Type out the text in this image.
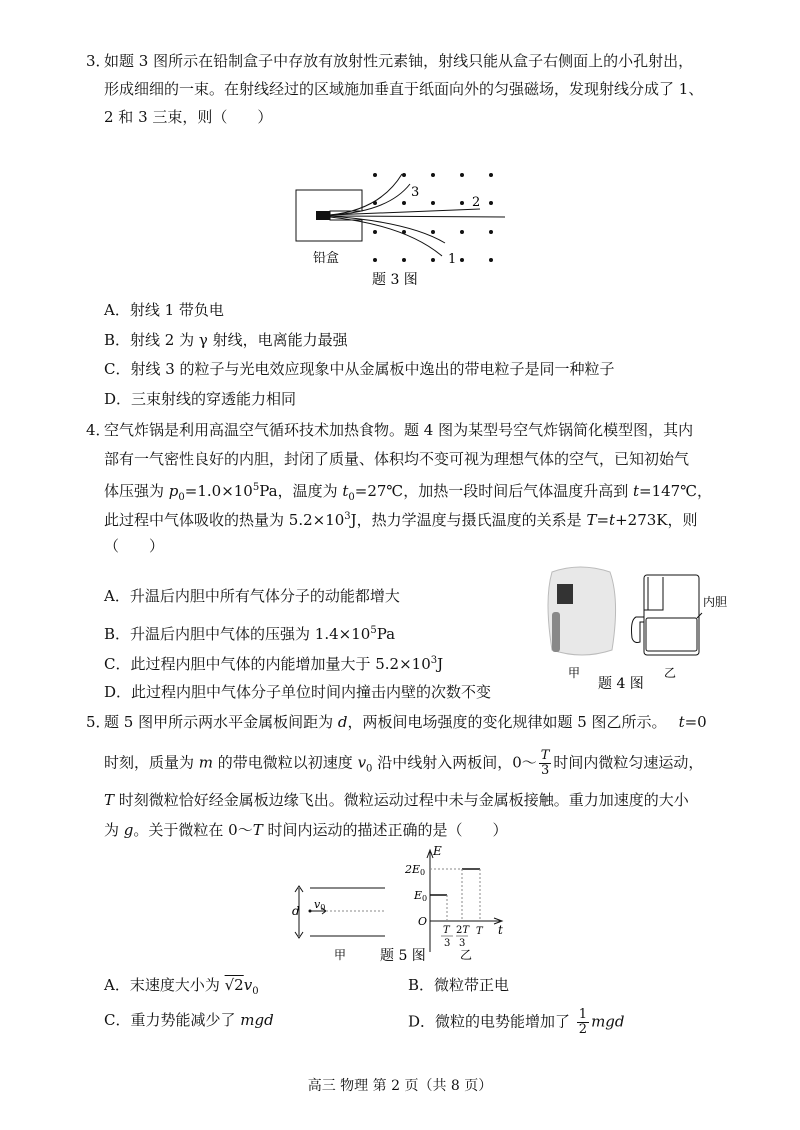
3．
如题 3 图所示在铅制盒子中存放有放射性元素铀，射线只能从盒子右侧面上的小孔射出，
形成细细的一束。在射线经过的区域施加垂直于纸面向外的匀强磁场，发现射线分成了 1、
2 和 3 三束，则（　　）
3
2
1
铅盒
题 3 图
A．射线 1 带负电
B．射线 2 为 γ 射线，电离能力最强
C．射线 3 的粒子与光电效应现象中从金属板中逸出的带电粒子是同一种粒子
D．三束射线的穿透能力相同
4．
空气炸锅是利用高温空气循环技术加热食物。题 4 图为某型号空气炸锅简化模型图，其内
部有一气密性良好的内胆，封闭了质量、体积均不变可视为理想气体的空气，已知初始气
体压强为 $p_0=1.0\times 10^5Pa$，温度为 $t_0=27℃$，加热一段时间后气体温度升高到 t=147℃，
此过程中气体吸收的热量为 $5.2\times 10^3J$，热力学温度与摄氏温度的关系是 T=t+273K，则
（　　）
A．升温后内胆中所有气体分子的动能都增大
B．升温后内胆中气体的压强为 $1.4\times 10^5Pa$
C．此过程内胆中气体的内能增加量大于 $5.2\times 10^3J$
D．此过程内胆中气体分子单位时间内撞击内壁的次数不变
内胆
甲	乙
题 4 图
5．
题 5 图甲所示两水平金属板间距为 d，两板间电场强度的变化规律如题 5 图乙所示。 t=0
时刻，质量为 m 的带电微粒以初速度 $v_0$ 沿中线射入两板间，0～ $\frac{T}{3}$ 时间内微粒匀速运动，
T 时刻微粒恰好经金属板边缘飞出。微粒运动过程中未与金属板接触。重力加速度的大小
为 g。关于微粒在 0～T 时间内运动的描述正确的是（　　）
d v0
E
2E0
E0
O
T
3
2T
3
T t
甲	乙
题 5 图
A．末速度大小为 $√2v_0$	B．微粒带正电
C．重力势能减少了 mgd	D．微粒的电势能增加了 $\frac{1}{2}$ mgd
高三 物理 第 2 页（共 8 页）
